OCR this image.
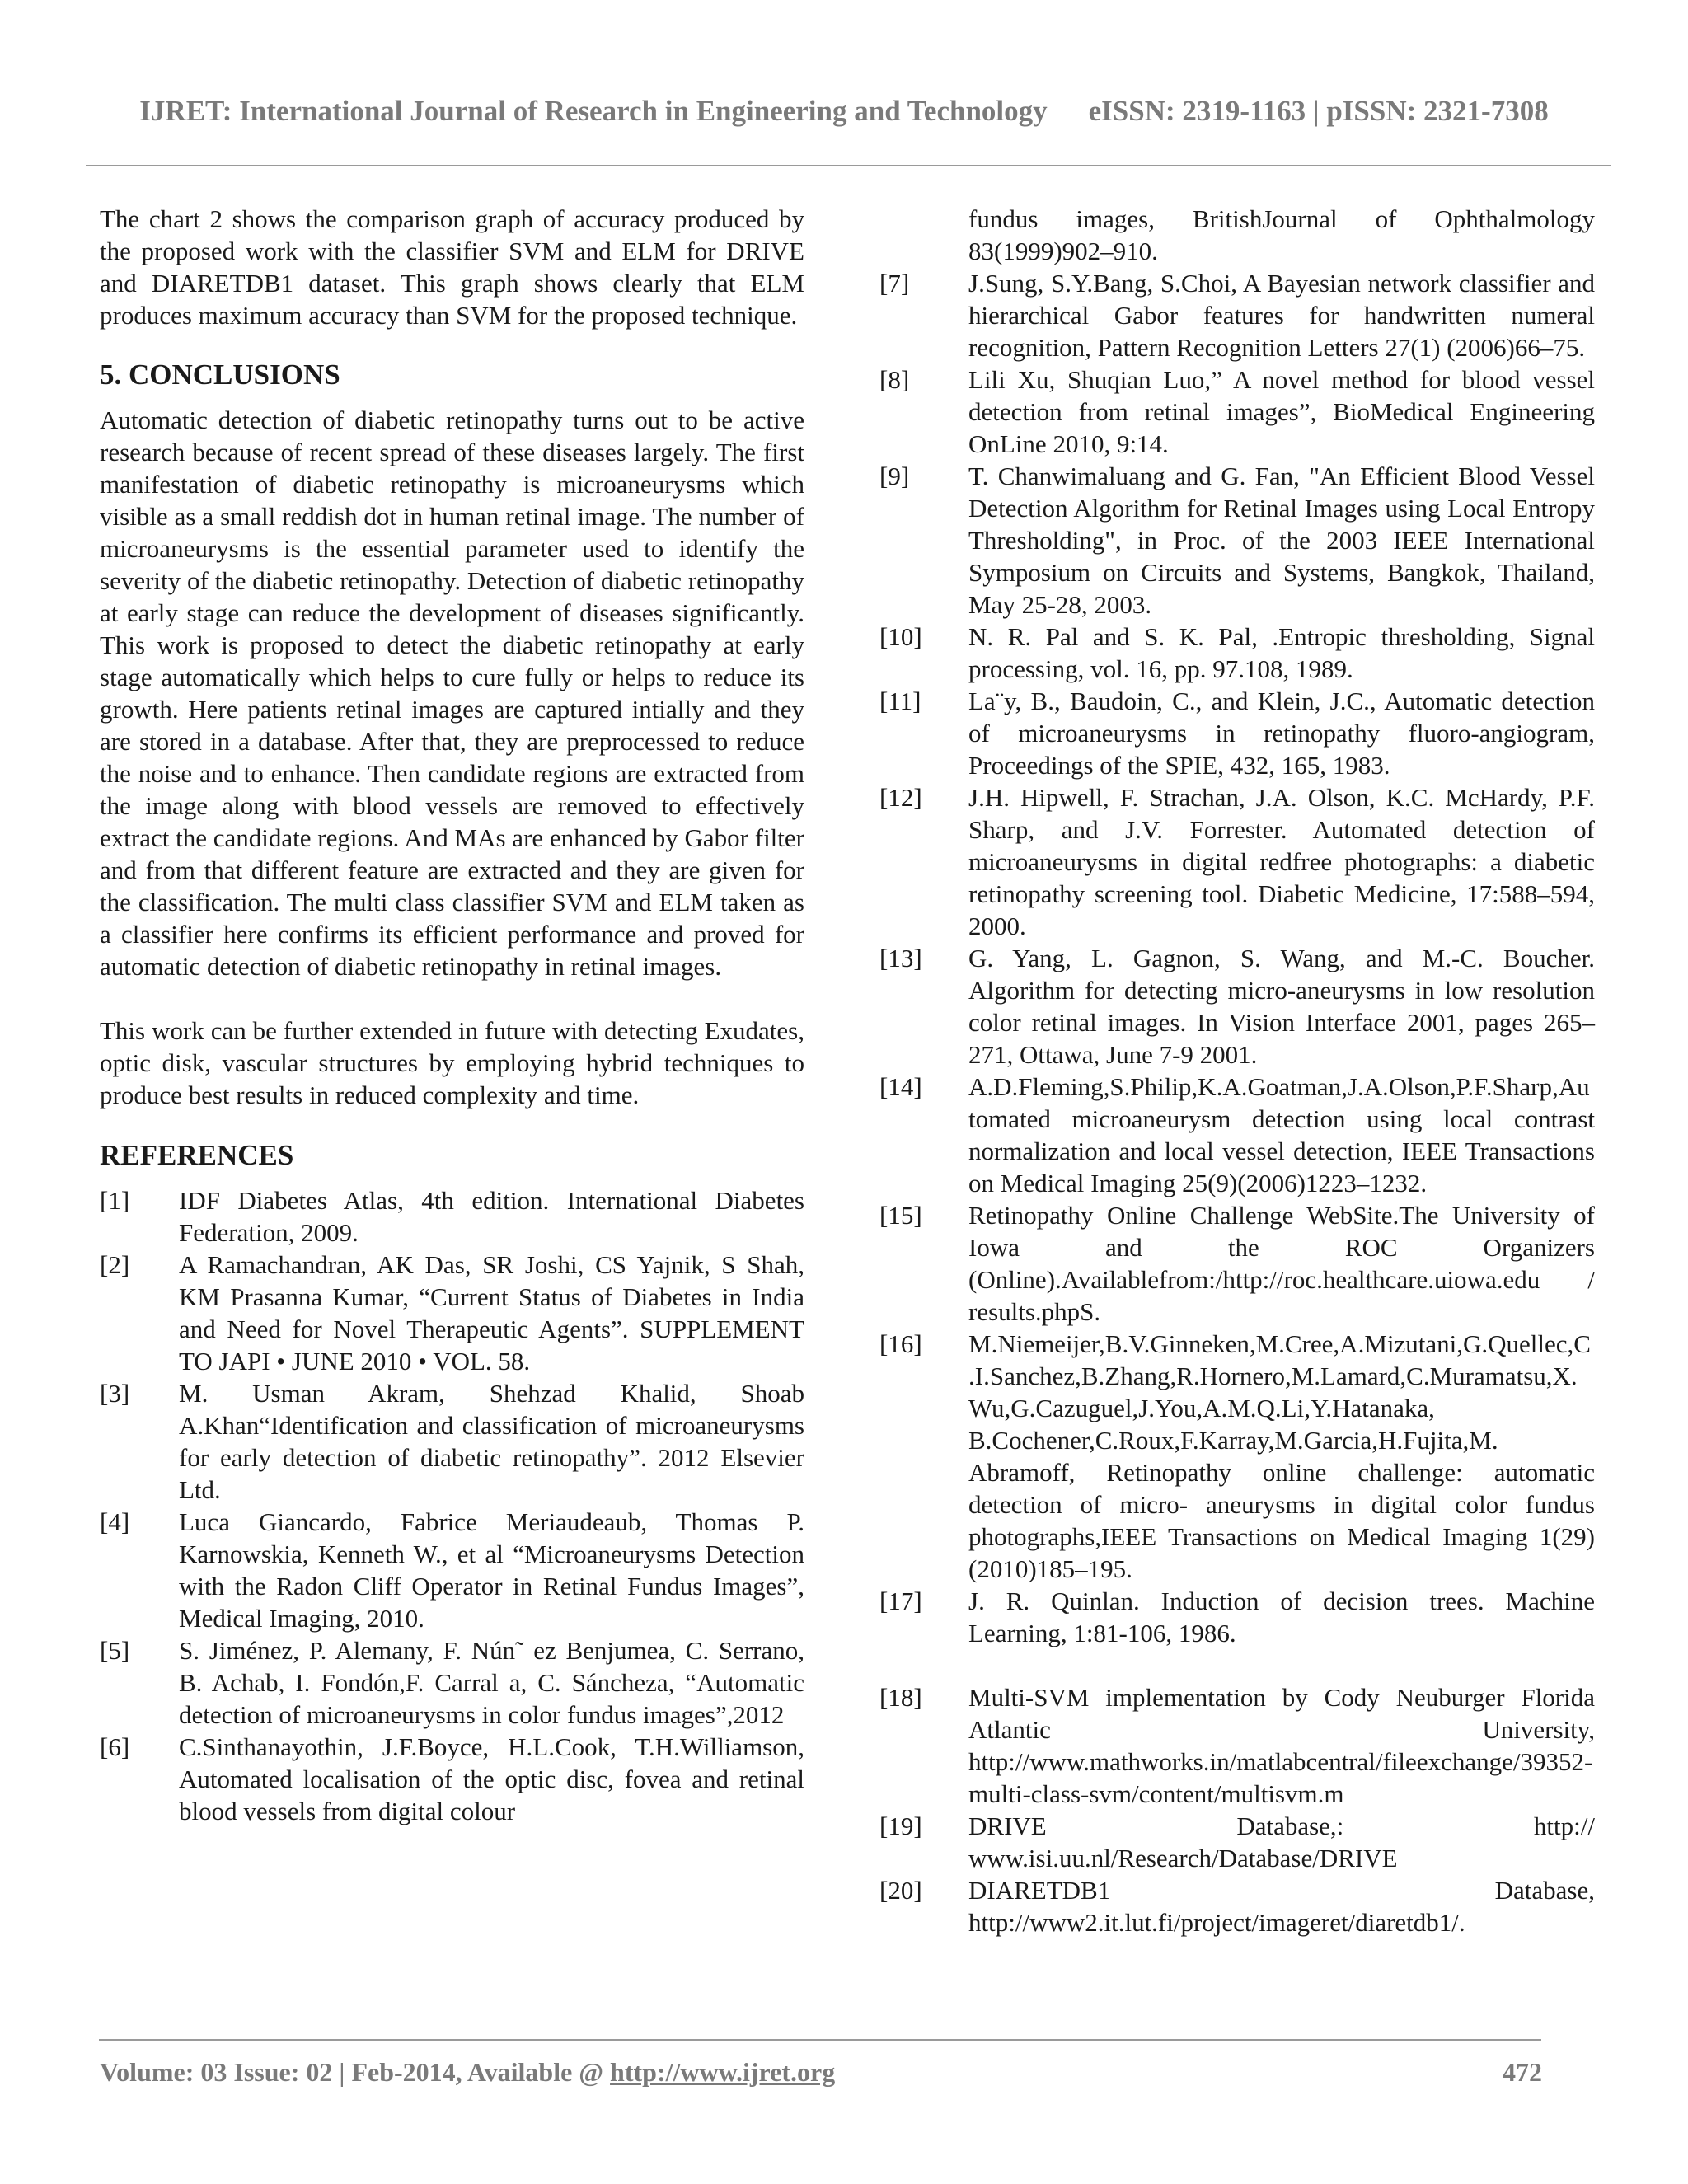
IJRET: International Journal of Research in Engineering and Technology eISSN: 2319-1163 | pISSN: 2321-7308

The chart 2 shows the comparison graph of accuracy produced by the proposed work with the classifier SVM and ELM for DRIVE and DIARETDB1 dataset. This graph shows clearly that ELM produces maximum accuracy than SVM for the proposed technique.

5. CONCLUSIONS

Automatic detection of diabetic retinopathy turns out to be active research because of recent spread of these diseases largely. The first manifestation of diabetic retinopathy is microaneurysms which visible as a small reddish dot in human retinal image. The number of microaneurysms is the essential parameter used to identify the severity of the diabetic retinopathy. Detection of diabetic retinopathy at early stage can reduce the development of diseases significantly. This work is proposed to detect the diabetic retinopathy at early stage automatically which helps to cure fully or helps to reduce its growth. Here patients retinal images are captured intially and they are stored in a database. After that, they are preprocessed to reduce the noise and to enhance. Then candidate regions are extracted from the image along with blood vessels are removed to effectively extract the candidate regions. And MAs are enhanced by Gabor filter and from that different feature are extracted and they are given for the classification. The multi class classifier SVM and ELM taken as a classifier here confirms its efficient performance and proved for automatic detection of diabetic retinopathy in retinal images.

This work can be further extended in future with detecting Exudates, optic disk, vascular structures by employing hybrid techniques to produce best results in reduced complexity and time.

REFERENCES
[1]	IDF Diabetes Atlas, 4th edition. International Diabetes Federation, 2009.
[2]	A Ramachandran, AK Das, SR Joshi, CS Yajnik, S Shah, KM Prasanna Kumar, “Current Status of Diabetes in India and Need for Novel Therapeutic Agents”. SUPPLEMENT TO JAPI • JUNE 2010 • VOL. 58.
[3]	M. Usman Akram, Shehzad Khalid, Shoab A.Khan“Identification and classification of microaneurysms for early detection of diabetic retinopathy”. 2012 Elsevier Ltd.
[4]	Luca Giancardo, Fabrice Meriaudeaub, Thomas P. Karnowskia, Kenneth W., et al “Microaneurysms Detection with the Radon Cliff Operator in Retinal Fundus Images”, Medical Imaging, 2010.
[5]	S. Jiménez, P. Alemany, F. Nún˜ ez Benjumea, C. Serrano, B. Achab, I. Fondón,F. Carral a, C. Sáncheza, “Automatic detection of microaneurysms in color fundus images”,2012
[6]	C.Sinthanayothin, J.F.Boyce, H.L.Cook, T.H.Williamson, Automated localisation of the optic disc, fovea and retinal blood vessels from digital colour

fundus images, BritishJournal of Ophthalmology 83(1999)902–910.

[7]	J.Sung, S.Y.Bang, S.Choi, A Bayesian network classifier and hierarchical Gabor features for handwritten numeral recognition, Pattern Recognition Letters 27(1) (2006)66–75.
[8]	Lili Xu, Shuqian Luo,” A novel method for blood vessel detection from retinal images”, BioMedical Engineering OnLine 2010, 9:14.
[9]	T. Chanwimaluang and G. Fan, "An Efficient Blood Vessel Detection Algorithm for Retinal Images using Local Entropy Thresholding", in Proc. of the 2003 IEEE International Symposium on Circuits and Systems, Bangkok, Thailand, May 25-28, 2003.
[10]	N. R. Pal and S. K. Pal, .Entropic thresholding, Signal processing, vol. 16, pp. 97.108, 1989.
[11]	La¨y, B., Baudoin, C., and Klein, J.C., Automatic detection of microaneurysms in retinopathy fluoro-angiogram, Proceedings of the SPIE, 432, 165, 1983.
[12]	J.H. Hipwell, F. Strachan, J.A. Olson, K.C. McHardy, P.F. Sharp, and J.V. Forrester. Automated detection of microaneurysms in digital redfree photographs: a diabetic retinopathy screening tool. Diabetic Medicine, 17:588–594, 2000.
[13]	G. Yang, L. Gagnon, S. Wang, and M.-C. Boucher. Algorithm for detecting micro-aneurysms in low resolution color retinal images. In Vision Interface 2001, pages 265–271, Ottawa, June 7-9 2001.
[14]	A.D.Fleming,S.Philip,K.A.Goatman,J.A.Olson,P.F.Sharp,Automated microaneurysm detection using local contrast normalization and local vessel detection, IEEE Transactions on Medical Imaging 25(9)(2006)1223–1232.
[15]	Retinopathy Online Challenge WebSite.The University of Iowa and the ROC Organizers (Online).Availablefrom:/http://roc.healthcare.uiowa.edu / results.phpS.
[16]	M.Niemeijer,B.V.Ginneken,M.Cree,A.Mizutani,G.Quellec,C.I.Sanchez,B.Zhang,R.Hornero,M.Lamard,C.Muramatsu,X.Wu,G.Cazuguel,J.You,A.M.Q.Li,Y.Hatanaka, B.Cochener,C.Roux,F.Karray,M.Garcia,H.Fujita,M. Abramoff, Retinopathy online challenge: automatic detection of micro- aneurysms in digital color fundus photographs,IEEE Transactions on Medical Imaging 1(29)(2010)185–195.
[17]	J. R. Quinlan. Induction of decision trees. Machine Learning, 1:81-106, 1986.
[18]	Multi-SVM implementation by Cody Neuburger Florida Atlantic University, http://www.mathworks.in/matlabcentral/fileexchange/39352-multi-class-svm/content/multisvm.m
[19]	DRIVE Database,: http:// www.isi.uu.nl/Research/Database/DRIVE
[20]	DIARETDB1 Database, http://www2.it.lut.fi/project/imageret/diaretdb1/.
Volume: 03 Issue: 02 | Feb-2014, Available @ http://www.ijret.org	472
